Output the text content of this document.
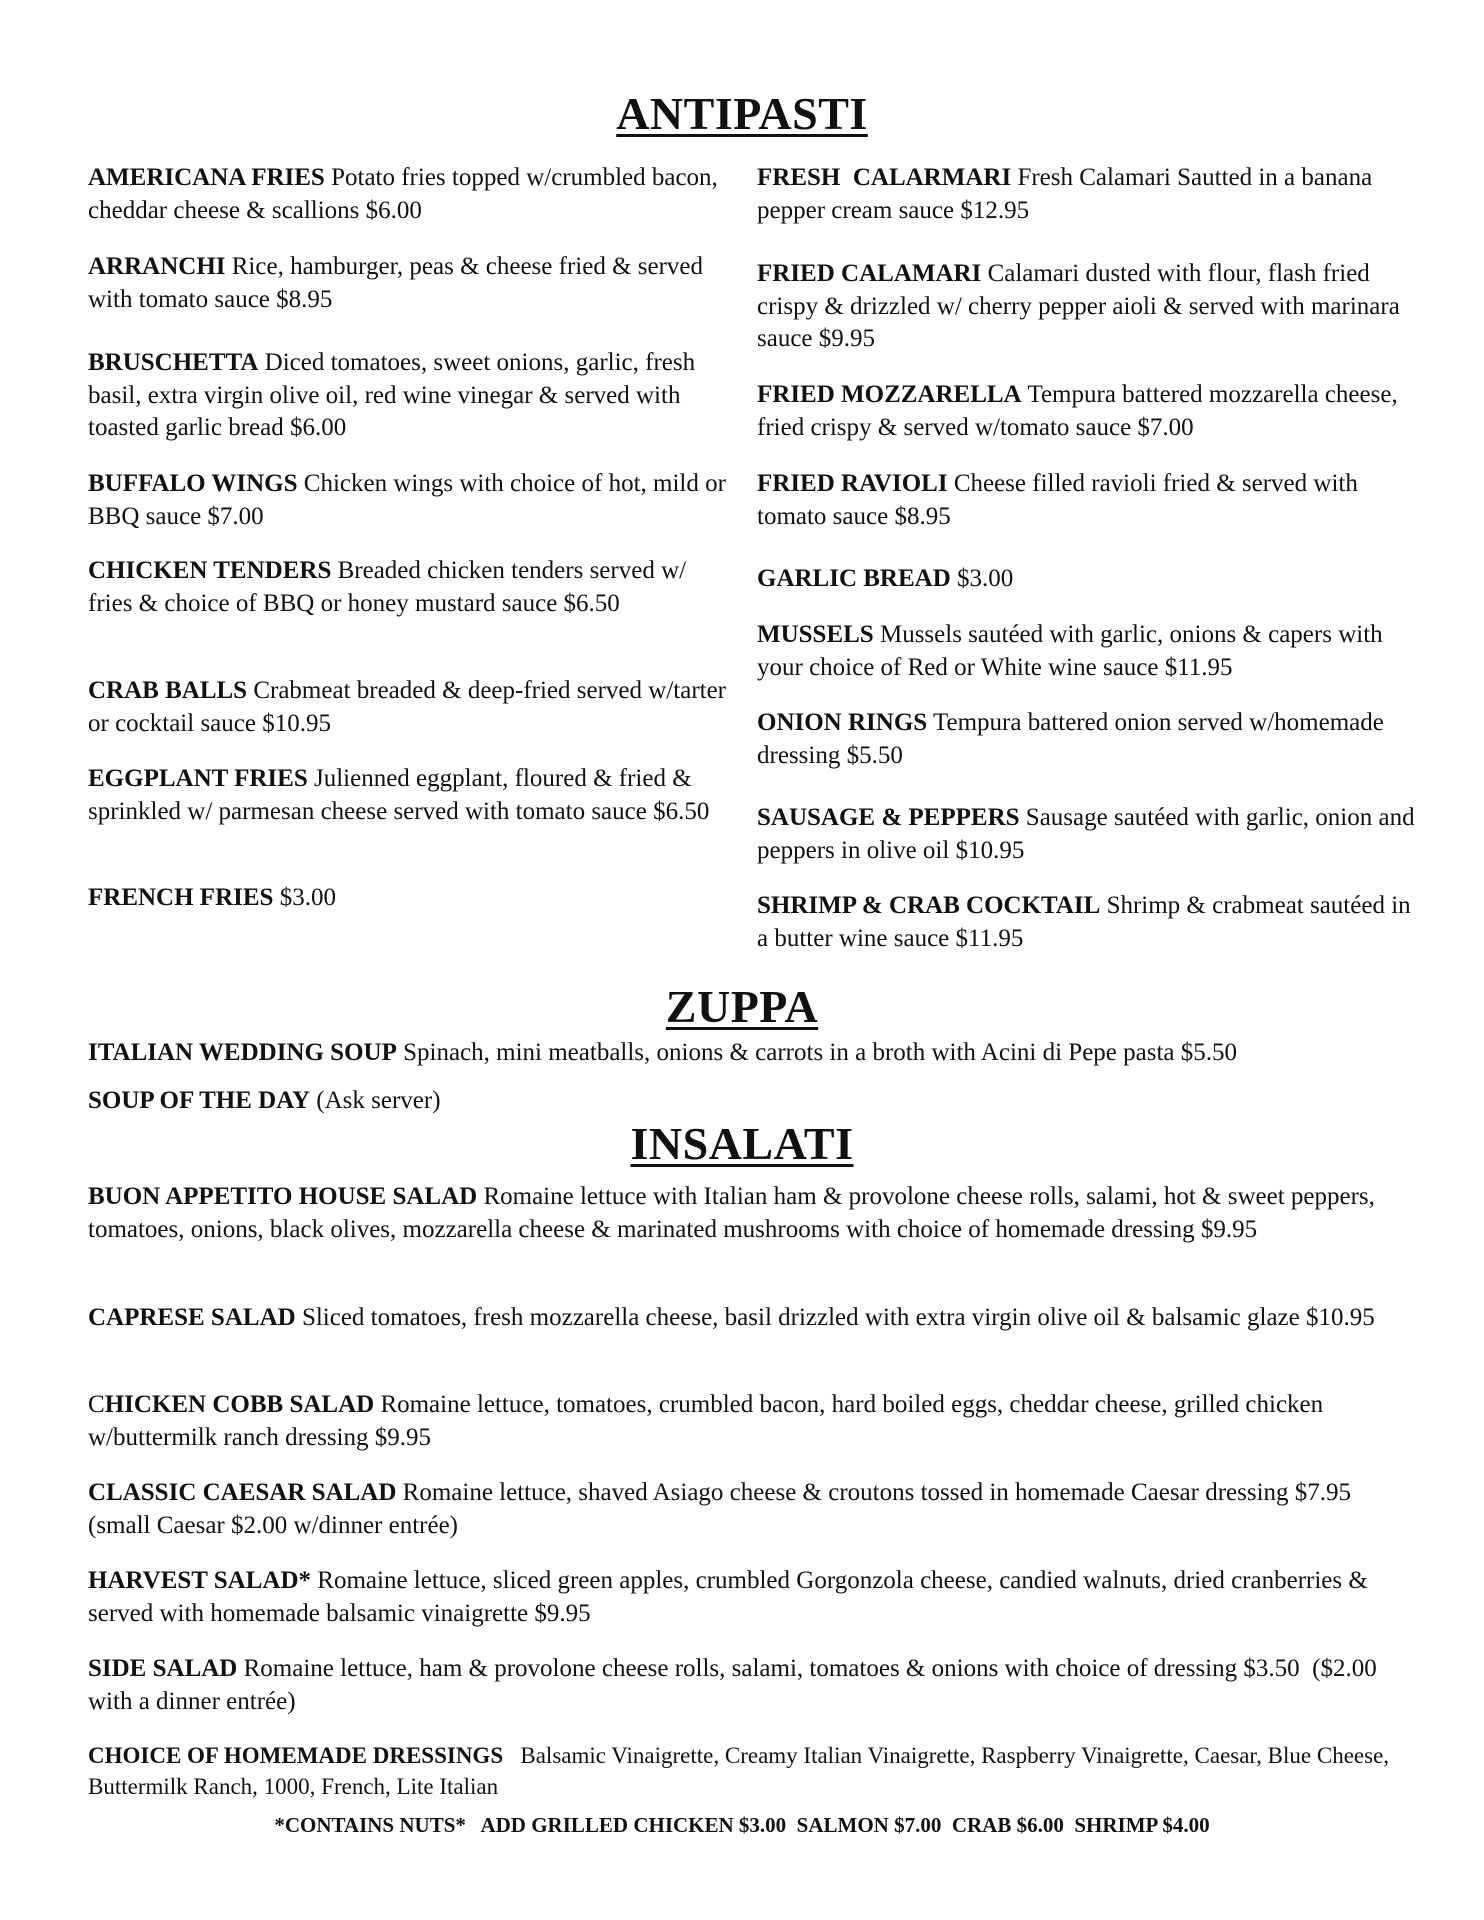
ANTIPASTI

AMERICANA FRIES Potato fries topped w/crumbled bacon, cheddar cheese & scallions $6.00

ARRANCHI Rice, hamburger, peas & cheese fried & served with tomato sauce $8.95

BRUSCHETTA Diced tomatoes, sweet onions, garlic, fresh basil, extra virgin olive oil, red wine vinegar & served with toasted garlic bread $6.00

BUFFALO WINGS Chicken wings with choice of hot, mild or BBQ sauce $7.00

CHICKEN TENDERS Breaded chicken tenders served w/ fries & choice of BBQ or honey mustard sauce $6.50

CRAB BALLS Crabmeat breaded & deep-fried served w/tarter or cocktail sauce $10.95

EGGPLANT FRIES Julienned eggplant, floured & fried & sprinkled w/ parmesan cheese served with tomato sauce $6.50

FRENCH FRIES $3.00

FRESH  CALARMARI Fresh Calamari Sautted in a banana pepper cream sauce $12.95

FRIED CALAMARI Calamari dusted with flour, flash fried crispy & drizzled w/ cherry pepper aioli & served with marinara sauce $9.95

FRIED MOZZARELLA Tempura battered mozzarella cheese, fried crispy & served w/tomato sauce $7.00

FRIED RAVIOLI Cheese filled ravioli fried & served with tomato sauce $8.95

GARLIC BREAD $3.00

MUSSELS Mussels sautéed with garlic, onions & capers with your choice of Red or White wine sauce $11.95

ONION RINGS Tempura battered onion served w/homemade dressing $5.50

SAUSAGE & PEPPERS Sausage sautéed with garlic, onion and peppers in olive oil $10.95

SHRIMP & CRAB COCKTAIL Shrimp & crabmeat sautéed in a butter wine sauce $11.95

ZUPPA

ITALIAN WEDDING SOUP Spinach, mini meatballs, onions & carrots in a broth with Acini di Pepe pasta $5.50

SOUP OF THE DAY (Ask server)

INSALATI

BUON APPETITO HOUSE SALAD Romaine lettuce with Italian ham & provolone cheese rolls, salami, hot & sweet peppers, tomatoes, onions, black olives, mozzarella cheese & marinated mushrooms with choice of homemade dressing $9.95

CAPRESE SALAD Sliced tomatoes, fresh mozzarella cheese, basil drizzled with extra virgin olive oil & balsamic glaze $10.95

CHICKEN COBB SALAD Romaine lettuce, tomatoes, crumbled bacon, hard boiled eggs, cheddar cheese, grilled chicken w/buttermilk ranch dressing $9.95

CLASSIC CAESAR SALAD Romaine lettuce, shaved Asiago cheese & croutons tossed in homemade Caesar dressing $7.95 (small Caesar $2.00 w/dinner entrée)

HARVEST SALAD* Romaine lettuce, sliced green apples, crumbled Gorgonzola cheese, candied walnuts, dried cranberries & served with homemade balsamic vinaigrette $9.95

SIDE SALAD Romaine lettuce, ham & provolone cheese rolls, salami, tomatoes & onions with choice of dressing $3.50  ($2.00 with a dinner entrée)

CHOICE OF HOMEMADE DRESSINGS Balsamic Vinaigrette, Creamy Italian Vinaigrette, Raspberry Vinaigrette, Caesar, Blue Cheese, Buttermilk Ranch, 1000, French, Lite Italian

*CONTAINS NUTS*   ADD GRILLED CHICKEN $3.00  SALMON $7.00  CRAB $6.00  SHRIMP $4.00
